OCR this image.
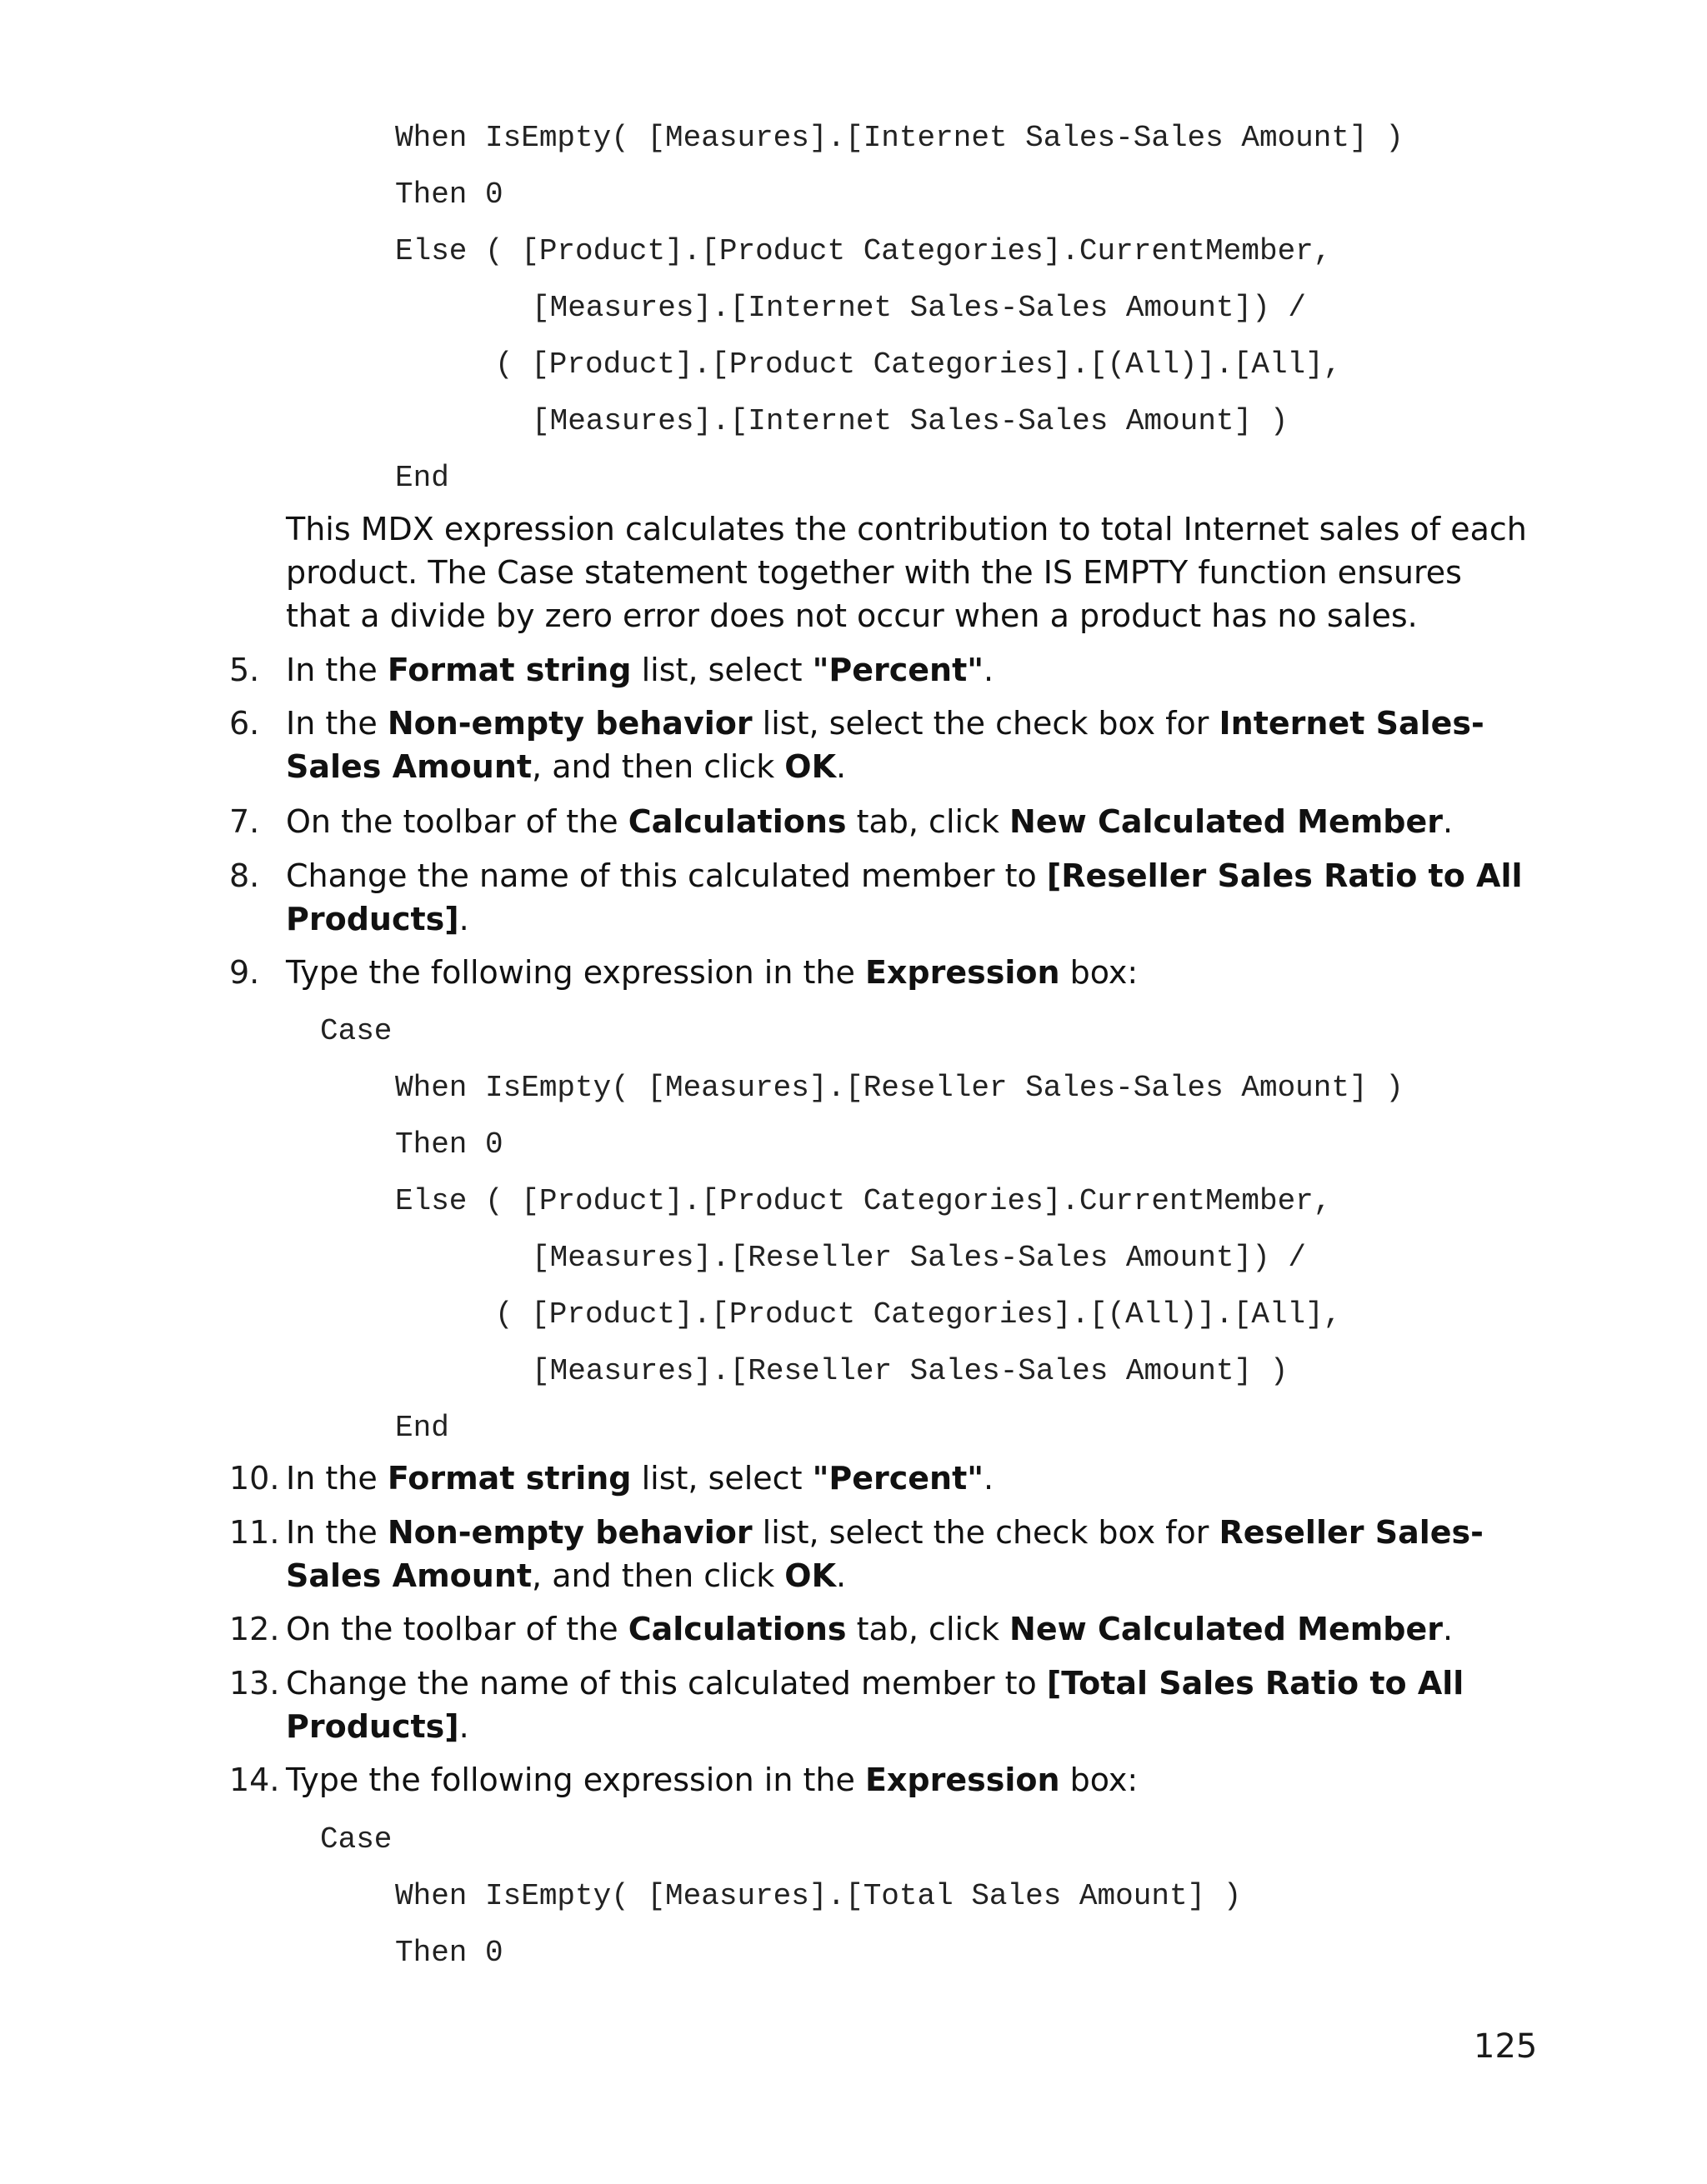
When IsEmpty( [Measures].[Internet Sales-Sales Amount] )
Then 0
Else ( [Product].[Product Categories].CurrentMember,
[Measures].[Internet Sales-Sales Amount]) /
( [Product].[Product Categories].[(All)].[All],
[Measures].[Internet Sales-Sales Amount] )
End

This MDX expression calculates the contribution to total Internet sales of each product. The Case statement together with the IS EMPTY function ensures that a divide by zero error does not occur when a product has no sales.

5. In the Format string list, select "Percent".
6. In the Non-empty behavior list, select the check box for Internet Sales-Sales Amount, and then click OK.
7. On the toolbar of the Calculations tab, click New Calculated Member.
8. Change the name of this calculated member to [Reseller Sales Ratio to All Products].
9. Type the following expression in the Expression box:
Case
When IsEmpty( [Measures].[Reseller Sales-Sales Amount] )
Then 0
Else ( [Product].[Product Categories].CurrentMember,
[Measures].[Reseller Sales-Sales Amount]) /
( [Product].[Product Categories].[(All)].[All],
[Measures].[Reseller Sales-Sales Amount] )
End
10. In the Format string list, select "Percent".
11. In the Non-empty behavior list, select the check box for Reseller Sales-Sales Amount, and then click OK.
12. On the toolbar of the Calculations tab, click New Calculated Member.
13. Change the name of this calculated member to [Total Sales Ratio to All Products].
14. Type the following expression in the Expression box:
Case
When IsEmpty( [Measures].[Total Sales Amount] )
Then 0
125
